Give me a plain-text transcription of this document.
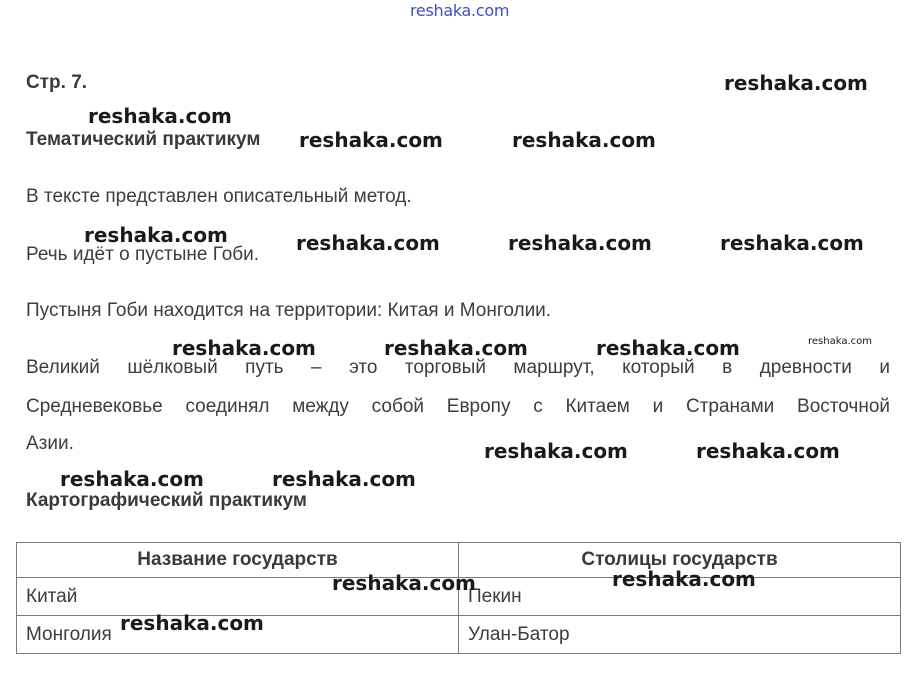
reshaka.com
Стр. 7.
Тематический практикум
В тексте представлен описательный метод.
Речь идёт о пустыне Гоби.
Пустыня Гоби находится на территории: Китая и Монголии.
Великий шёлковый путь – это торговый маршрут, который в древности и
Средневековье соединял между собой Европу с Китаем и Странами Восточной
Азии.
Картографический практикум
Название государств	Столицы государств
Китай	Пекин
Монголия	Улан-Батор
reshaka.com
reshaka.com
reshaka.com	reshaka.com
reshaka.com	reshaka.com	reshaka.com	reshaka.com
reshaka.com
reshaka.com	reshaka.com	reshaka.com
reshaka.com	reshaka.com
reshaka.com	reshaka.com
reshaka.com
reshaka.com
reshaka.com
